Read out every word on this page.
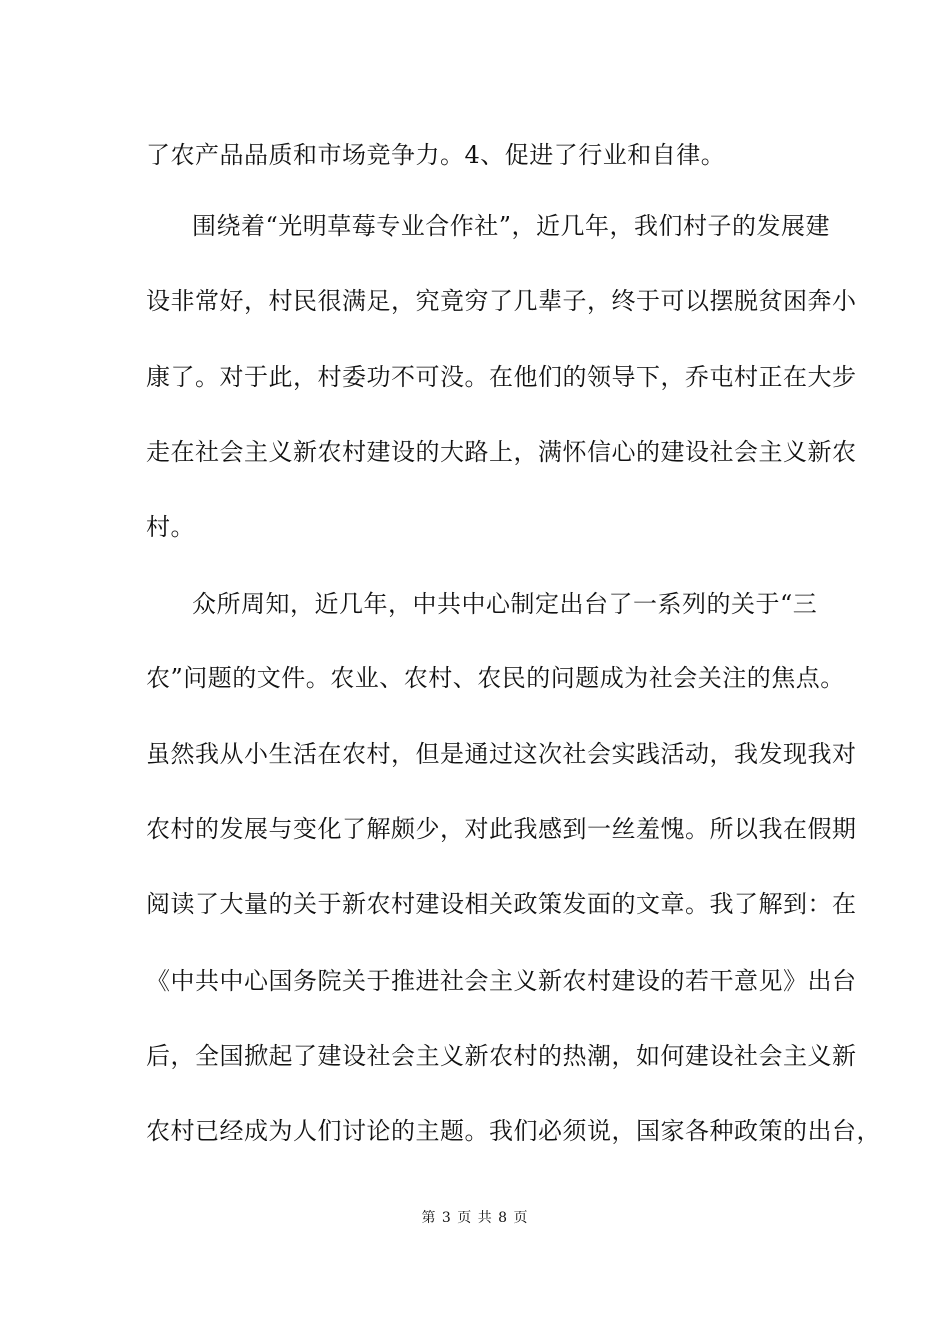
了农产品品质和市场竞争力。4、促进了行业和自律。
围绕着“光明草莓专业合作社”，近几年，我们村子的发展建
设非常好，村民很满足，究竟穷了几辈子，终于可以摆脱贫困奔小
康了。对于此，村委功不可没。在他们的领导下，乔屯村正在大步
走在社会主义新农村建设的大路上，满怀信心的建设社会主义新农
村。
众所周知，近几年，中共中心制定出台了一系列的关于“三
农”问题的文件。农业、农村、农民的问题成为社会关注的焦点。
虽然我从小生活在农村，但是通过这次社会实践活动，我发现我对
农村的发展与变化了解颇少，对此我感到一丝羞愧。所以我在假期
阅读了大量的关于新农村建设相关政策发面的文章。我了解到：在
《中共中心国务院关于推进社会主义新农村建设的若干意见》出台
后，全国掀起了建设社会主义新农村的热潮，如何建设社会主义新
农村已经成为人们讨论的主题。我们必须说，国家各种政策的出台，
第 3 页 共 8 页
